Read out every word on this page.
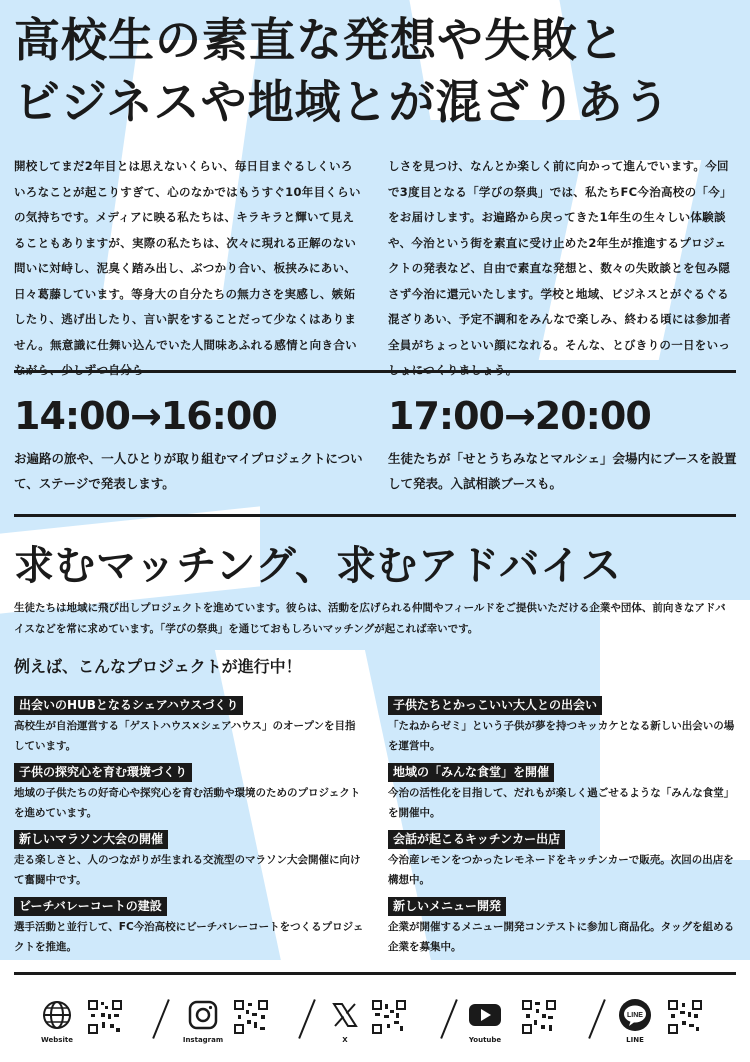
高校生の素直な発想や失敗と
ビジネスや地域とが混ざりあう
開校してまだ2年目とは思えないくらい、毎日目まぐるしくいろいろなことが起こりすぎて、心のなかではもうすぐ10年目くらいの気持ちです。メディアに映る私たちは、キラキラと輝いて見えることもありますが、実際の私たちは、次々に現れる正解のない問いに対峙し、泥臭く踏み出し、ぶつかり合い、板挟みにあい、日々葛藤しています。等身大の自分たちの無力さを実感し、嫉妬したり、逃げ出したり、言い訳をすることだって少なくはありません。無意識に仕舞い込んでいた人間味あふれる感情と向き合い
しさを見つけ、なんとか楽しく前に向かって進んでいます。今回で3度目となる「学びの祭典」では、私たちFC今治高校の「今」をお届けします。お遍路から戻ってきた1年生の生々しい体験談や、今治という街を素直に受け止めた2年生が推進するプロジェクトの発表など、自由で素直な発想と、数々の失敗談とを包み隠さず今治に還元いたします。学校と地域、ビジネスとがぐるぐる混ざりあい、予定不調和をみんなで楽しみ、終わる頃には参加者全員がちょっといい顔になれる。そんな、とびきりの一日をいっ
14:00→16:00
お遍路の旅や、一人ひとりが取り組むマイプロジェクトについて、ステージで発表します。
17:00→20:00
生徒たちが「せとうちみなとマルシェ」会場内にブースを設置して発表。入試相談ブースも。
求むマッチング、求むアドバイス
生徒たちは地域に飛び出しプロジェクトを進めています。彼らは、活動を広げられる仲間やフィールドをご提供いただける企業や団体、前向きなアドバイスなどを常に求めています。「学びの祭典」を通じておもしろいマッチングが起これば幸いです。
例えば、こんなプロジェクトが進行中！
出会いのHUBとなるシェアハウスづくり
高校生が自治運営する「ゲストハウス×シェアハウス」のオープンを目指しています。
子供たちとかっこいい大人との出会い
「たねからゼミ」という子供が夢を持つキッカケとなる新しい出会いの場を運営中。
子供の探究心を育む環境づくり
地域の子供たちの好奇心や探究心を育む活動や環境のためのプロジェクトを進めています。
地域の「みんな食堂」を開催
今治の活性化を目指して、だれもが楽しく過ごせるような「みんな食堂」を開催中。
新しいマラソン大会の開催
走る楽しさと、人のつながりが生まれる交流型のマラソン大会開催に向けて奮闘中です。
会話が起こるキッチンカー出店
今治産レモンをつかったレモネードをキッチンカーで販売。次回の出店を構想中。
ビーチバレーコートの建設
選手活動と並行して、FC今治高校にビーチバレーコートをつくるプロジェクトを推進。
新しいメニュー開発
企業が開催するメニュー開発コンテストに参加し商品化。タッグを組める企業を募集中。
Website	Instagram	X	Youtube
LINE
LINE
